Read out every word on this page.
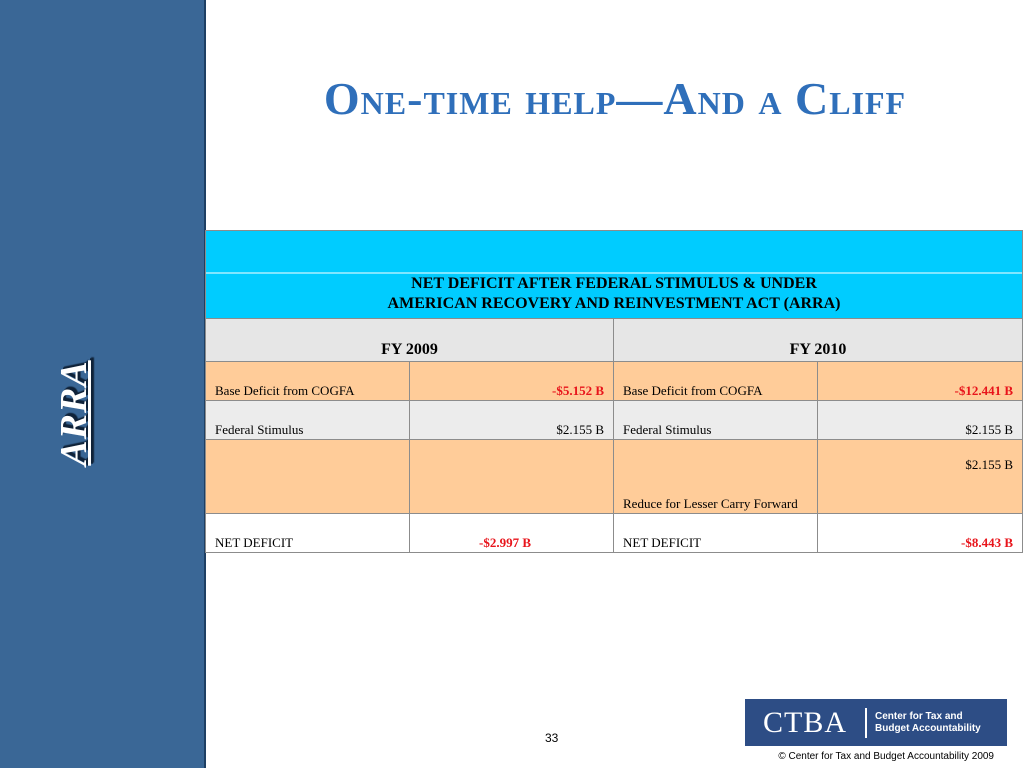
ARRA
One-time help—And a Cliff
NET DEFICIT AFTER FEDERAL STIMULUS & UNDER
AMERICAN RECOVERY AND REINVESTMENT ACT (ARRA)			

FY 2009		FY 2010	
Base Deficit from COGFA	-$5.152 B	Base Deficit from COGFA	-$12.441 B
Federal Stimulus	$2.155 B	Federal Stimulus	$2.155 B
		Reduce for Lesser Carry Forward	$2.155 B
NET DEFICIT	-$2.997 B	NET DEFICIT	-$8.443 B
33	CTBA	Center for Tax and
Budget Accountability
© Center for Tax and Budget Accountability 2009
